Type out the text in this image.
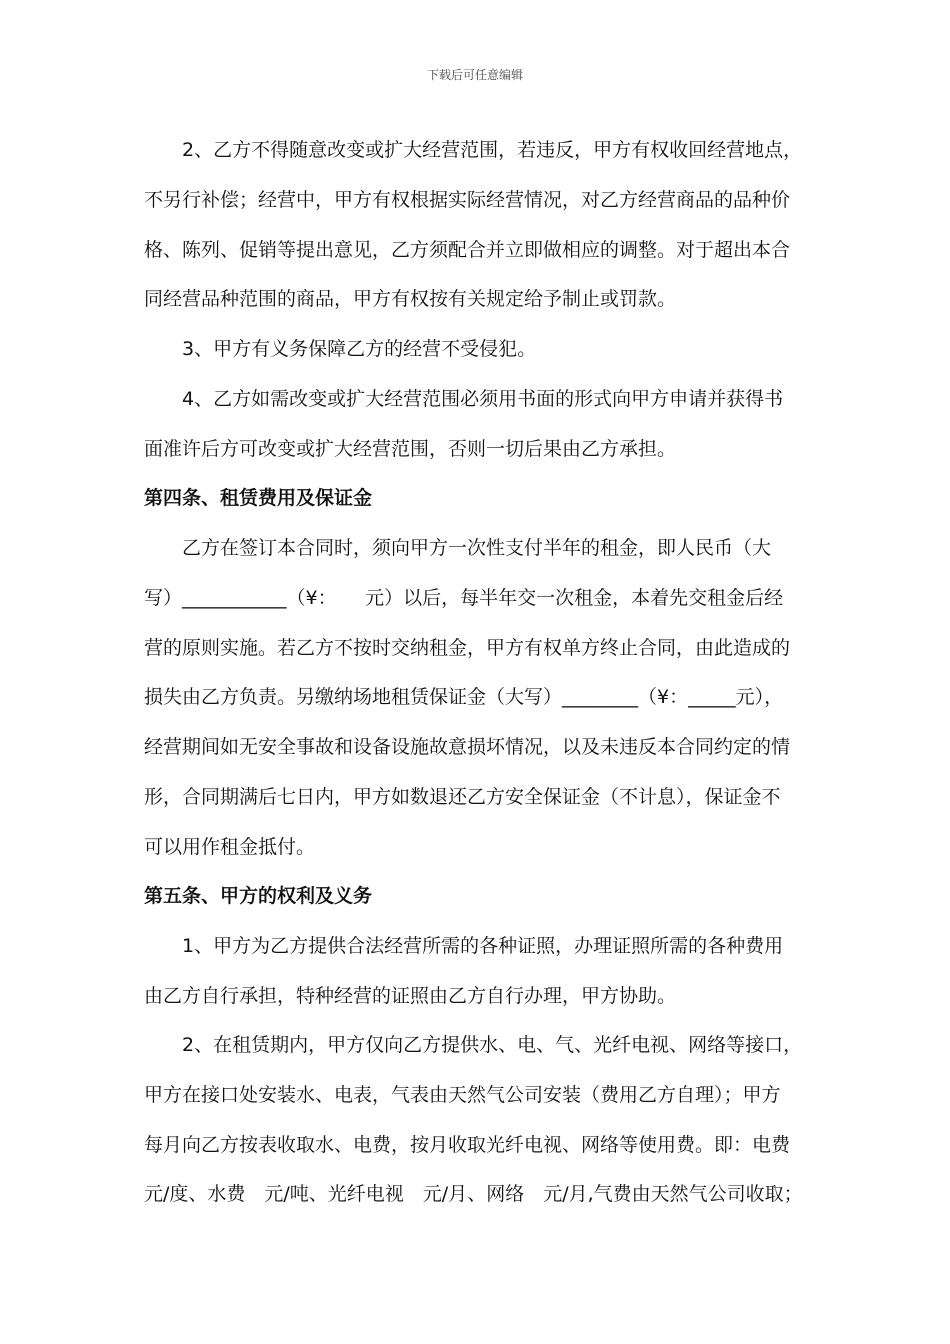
下载后可任意编辑
　　2、乙方不得随意改变或扩大经营范围，若违反，甲方有权收回经营地点，
不另行补偿；经营中，甲方有权根据实际经营情况，对乙方经营商品的品种价
格、陈列、促销等提出意见，乙方须配合并立即做相应的调整。对于超出本合
同经营品种范围的商品，甲方有权按有关规定给予制止或罚款。
　　3、甲方有义务保障乙方的经营不受侵犯。
　　4、乙方如需改变或扩大经营范围必须用书面的形式向甲方申请并获得书
面准许后方可改变或扩大经营范围，否则一切后果由乙方承担。
第四条、租赁费用及保证金
　　乙方在签订本合同时，须向甲方一次性支付半年的租金，即人民币（大
写）___________（¥：　　元）以后，每半年交一次租金，本着先交租金后经
营的原则实施。若乙方不按时交纳租金，甲方有权单方终止合同，由此造成的
损失由乙方负责。另缴纳场地租赁保证金（大写）________（¥：_____元），
经营期间如无安全事故和设备设施故意损坏情况，以及未违反本合同约定的情
形，合同期满后七日内，甲方如数退还乙方安全保证金（不计息），保证金不
可以用作租金抵付。
第五条、甲方的权利及义务
　　1、甲方为乙方提供合法经营所需的各种证照，办理证照所需的各种费用
由乙方自行承担，特种经营的证照由乙方自行办理，甲方协助。
　　2、在租赁期内，甲方仅向乙方提供水、电、气、光纤电视、网络等接口，
甲方在接口处安装水、电表，气表由天然气公司安装（费用乙方自理）；甲方
每月向乙方按表收取水、电费，按月收取光纤电视、网络等使用费。即：电费
元/度、水费　元/吨、光纤电视　元/月、网络　元/月,气费由天然气公司收取；
